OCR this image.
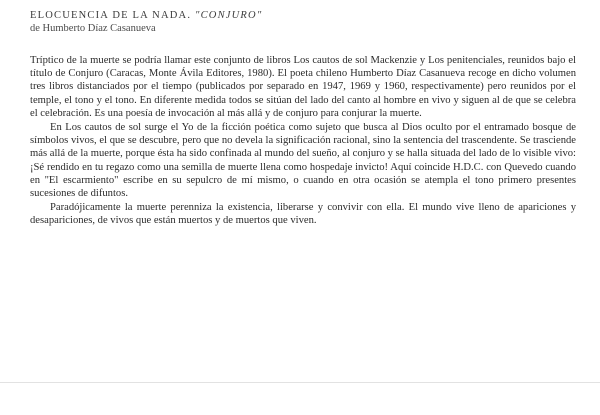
ELOCUENCIA DE LA NADA. "CONJURO"
de Humberto Díaz Casanueva

Tríptico de la muerte se podría llamar este conjunto de libros Los cautos de sol Mackenzie y Los penitenciales, reunidos bajo el título de Conjuro (Caracas, Monte Ávila Editores, 1980). El poeta chileno Humberto Díaz Casanueva recoge en dicho volumen tres libros distanciados por el tiempo (publicados por separado en 1947, 1969 y 1960, respectivamente) pero reunidos por el temple, el tono y el tono. En diferente medida todos se sitúan del lado del canto al hombre en vivo y siguen al de que se celebra el celebración. Es una poesía de invocación al más allá y de conjuro para conjurar la muerte.

En Los cautos de sol surge el Yo de la ficción poética como sujeto que busca al Dios oculto por el entramado bosque de símbolos vivos, el que se descubre, pero que no devela la significación racional, sino la sentencia del trascendente. Se trasciende más allá de la muerte, porque ésta ha sido confinada al mundo del sueño, al conjuro y se halla situada del lado de lo visible vivo: ¡Sé rendido en tu regazo como una semilla de muerte llena como hospedaje invicto! Aquí coincide H.D.C. con Quevedo cuando en "El escarmiento" escribe en su sepulcro de mí mismo, o cuando en otra ocasión se atempla el tono primero presentes sucesiones de difuntos.

Paradójicamente la muerte perenniza la existencia, liberarse y convivir con ella. El mundo vive lleno de apariciones y desapariciones, de vivos que están muertos y de muertos que viven.
